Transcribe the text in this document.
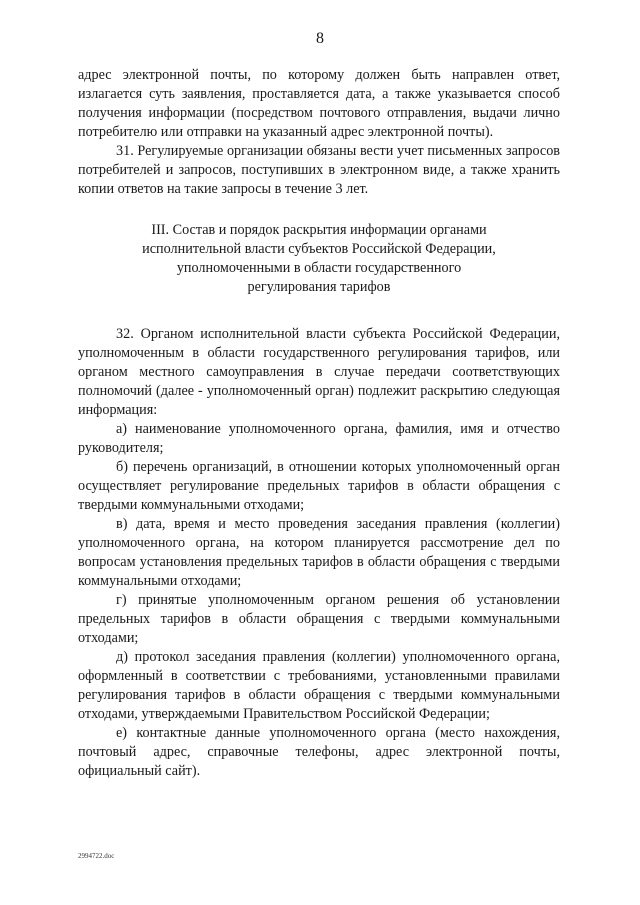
8

адрес электронной почты, по которому должен быть направлен ответ, излагается суть заявления, проставляется дата, а также указывается способ получения информации (посредством почтового отправления, выдачи лично потребителю или отправки на указанный адрес электронной почты).

31. Регулируемые организации обязаны вести учет письменных запросов потребителей и запросов, поступивших в электронном виде, а также хранить копии ответов на такие запросы в течение 3 лет.

III. Состав и порядок раскрытия информации органами
исполнительной власти субъектов Российской Федерации,
уполномоченными в области государственного
регулирования тарифов

32. Органом исполнительной власти субъекта Российской Федерации, уполномоченным в области государственного регулирования тарифов, или органом местного самоуправления в случае передачи соответствующих полномочий (далее - уполномоченный орган) подлежит раскрытию следующая информация:

а) наименование уполномоченного органа, фамилия, имя и отчество руководителя;

б) перечень организаций, в отношении которых уполномоченный орган осуществляет регулирование предельных тарифов в области обращения с твердыми коммунальными отходами;

в) дата, время и место проведения заседания правления (коллегии) уполномоченного органа, на котором планируется рассмотрение дел по вопросам установления предельных тарифов в области обращения с твердыми коммунальными отходами;

г) принятые уполномоченным органом решения об установлении предельных тарифов в области обращения с твердыми коммунальными отходами;

д) протокол заседания правления (коллегии) уполномоченного органа, оформленный в соответствии с требованиями, установленными правилами регулирования тарифов в области обращения с твердыми коммунальными отходами, утверждаемыми Правительством Российской Федерации;

е) контактные данные уполномоченного органа (место нахождения, почтовый адрес, справочные телефоны, адрес электронной почты, официальный сайт).

2994722.doc
